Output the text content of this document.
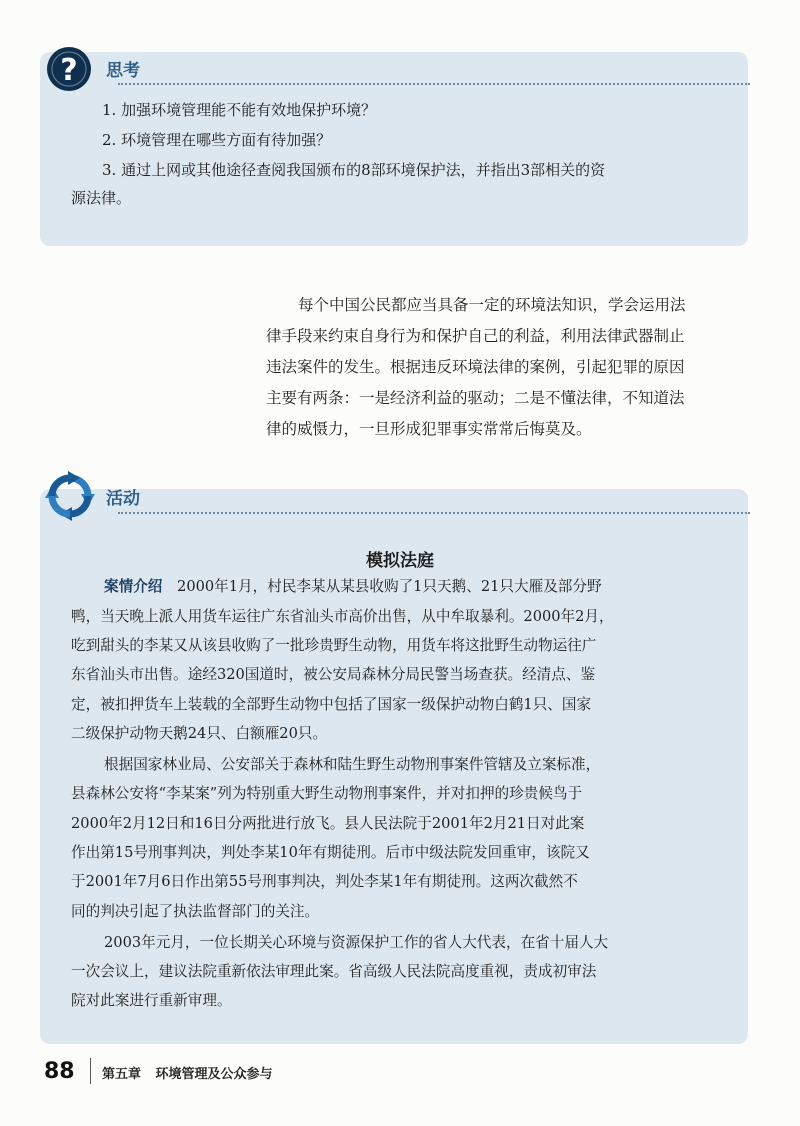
? 思考
1. 加强环境管理能不能有效地保护环境？
2. 环境管理在哪些方面有待加强？
3. 通过上网或其他途径查阅我国颁布的8部环境保护法，并指出3部相关的资
源法律。
每个中国公民都应当具备一定的环境法知识，学会运用法
律手段来约束自身行为和保护自己的利益，利用法律武器制止
违法案件的发生。根据违反环境法律的案例，引起犯罪的原因
主要有两条：一是经济利益的驱动；二是不懂法律，不知道法
律的威慑力，一旦形成犯罪事实常常后悔莫及。
活动
模拟法庭
案情介绍 2000年1月，村民李某从某县收购了1只天鹅、21只大雁及部分野
鸭，当天晚上派人用货车运往广东省汕头市高价出售，从中牟取暴利。2000年2月，
吃到甜头的李某又从该县收购了一批珍贵野生动物，用货车将这批野生动物运往广
东省汕头市出售。途经320国道时，被公安局森林分局民警当场查获。经清点、鉴
定，被扣押货车上装载的全部野生动物中包括了国家一级保护动物白鹤1只、国家
二级保护动物天鹅24只、白额雁20只。
根据国家林业局、公安部关于森林和陆生野生动物刑事案件管辖及立案标准，
县森林公安将“李某案”列为特别重大野生动物刑事案件，并对扣押的珍贵候鸟于
2000年2月12日和16日分两批进行放飞。县人民法院于2001年2月21日对此案
作出第15号刑事判决，判处李某10年有期徒刑。后市中级法院发回重审，该院又
于2001年7月6日作出第55号刑事判决，判处李某1年有期徒刑。这两次截然不
同的判决引起了执法监督部门的关注。
2003年元月，一位长期关心环境与资源保护工作的省人大代表，在省十届人大
一次会议上，建议法院重新依法审理此案。省高级人民法院高度重视，责成初审法
院对此案进行重新审理。
88 第五章 环境管理及公众参与
